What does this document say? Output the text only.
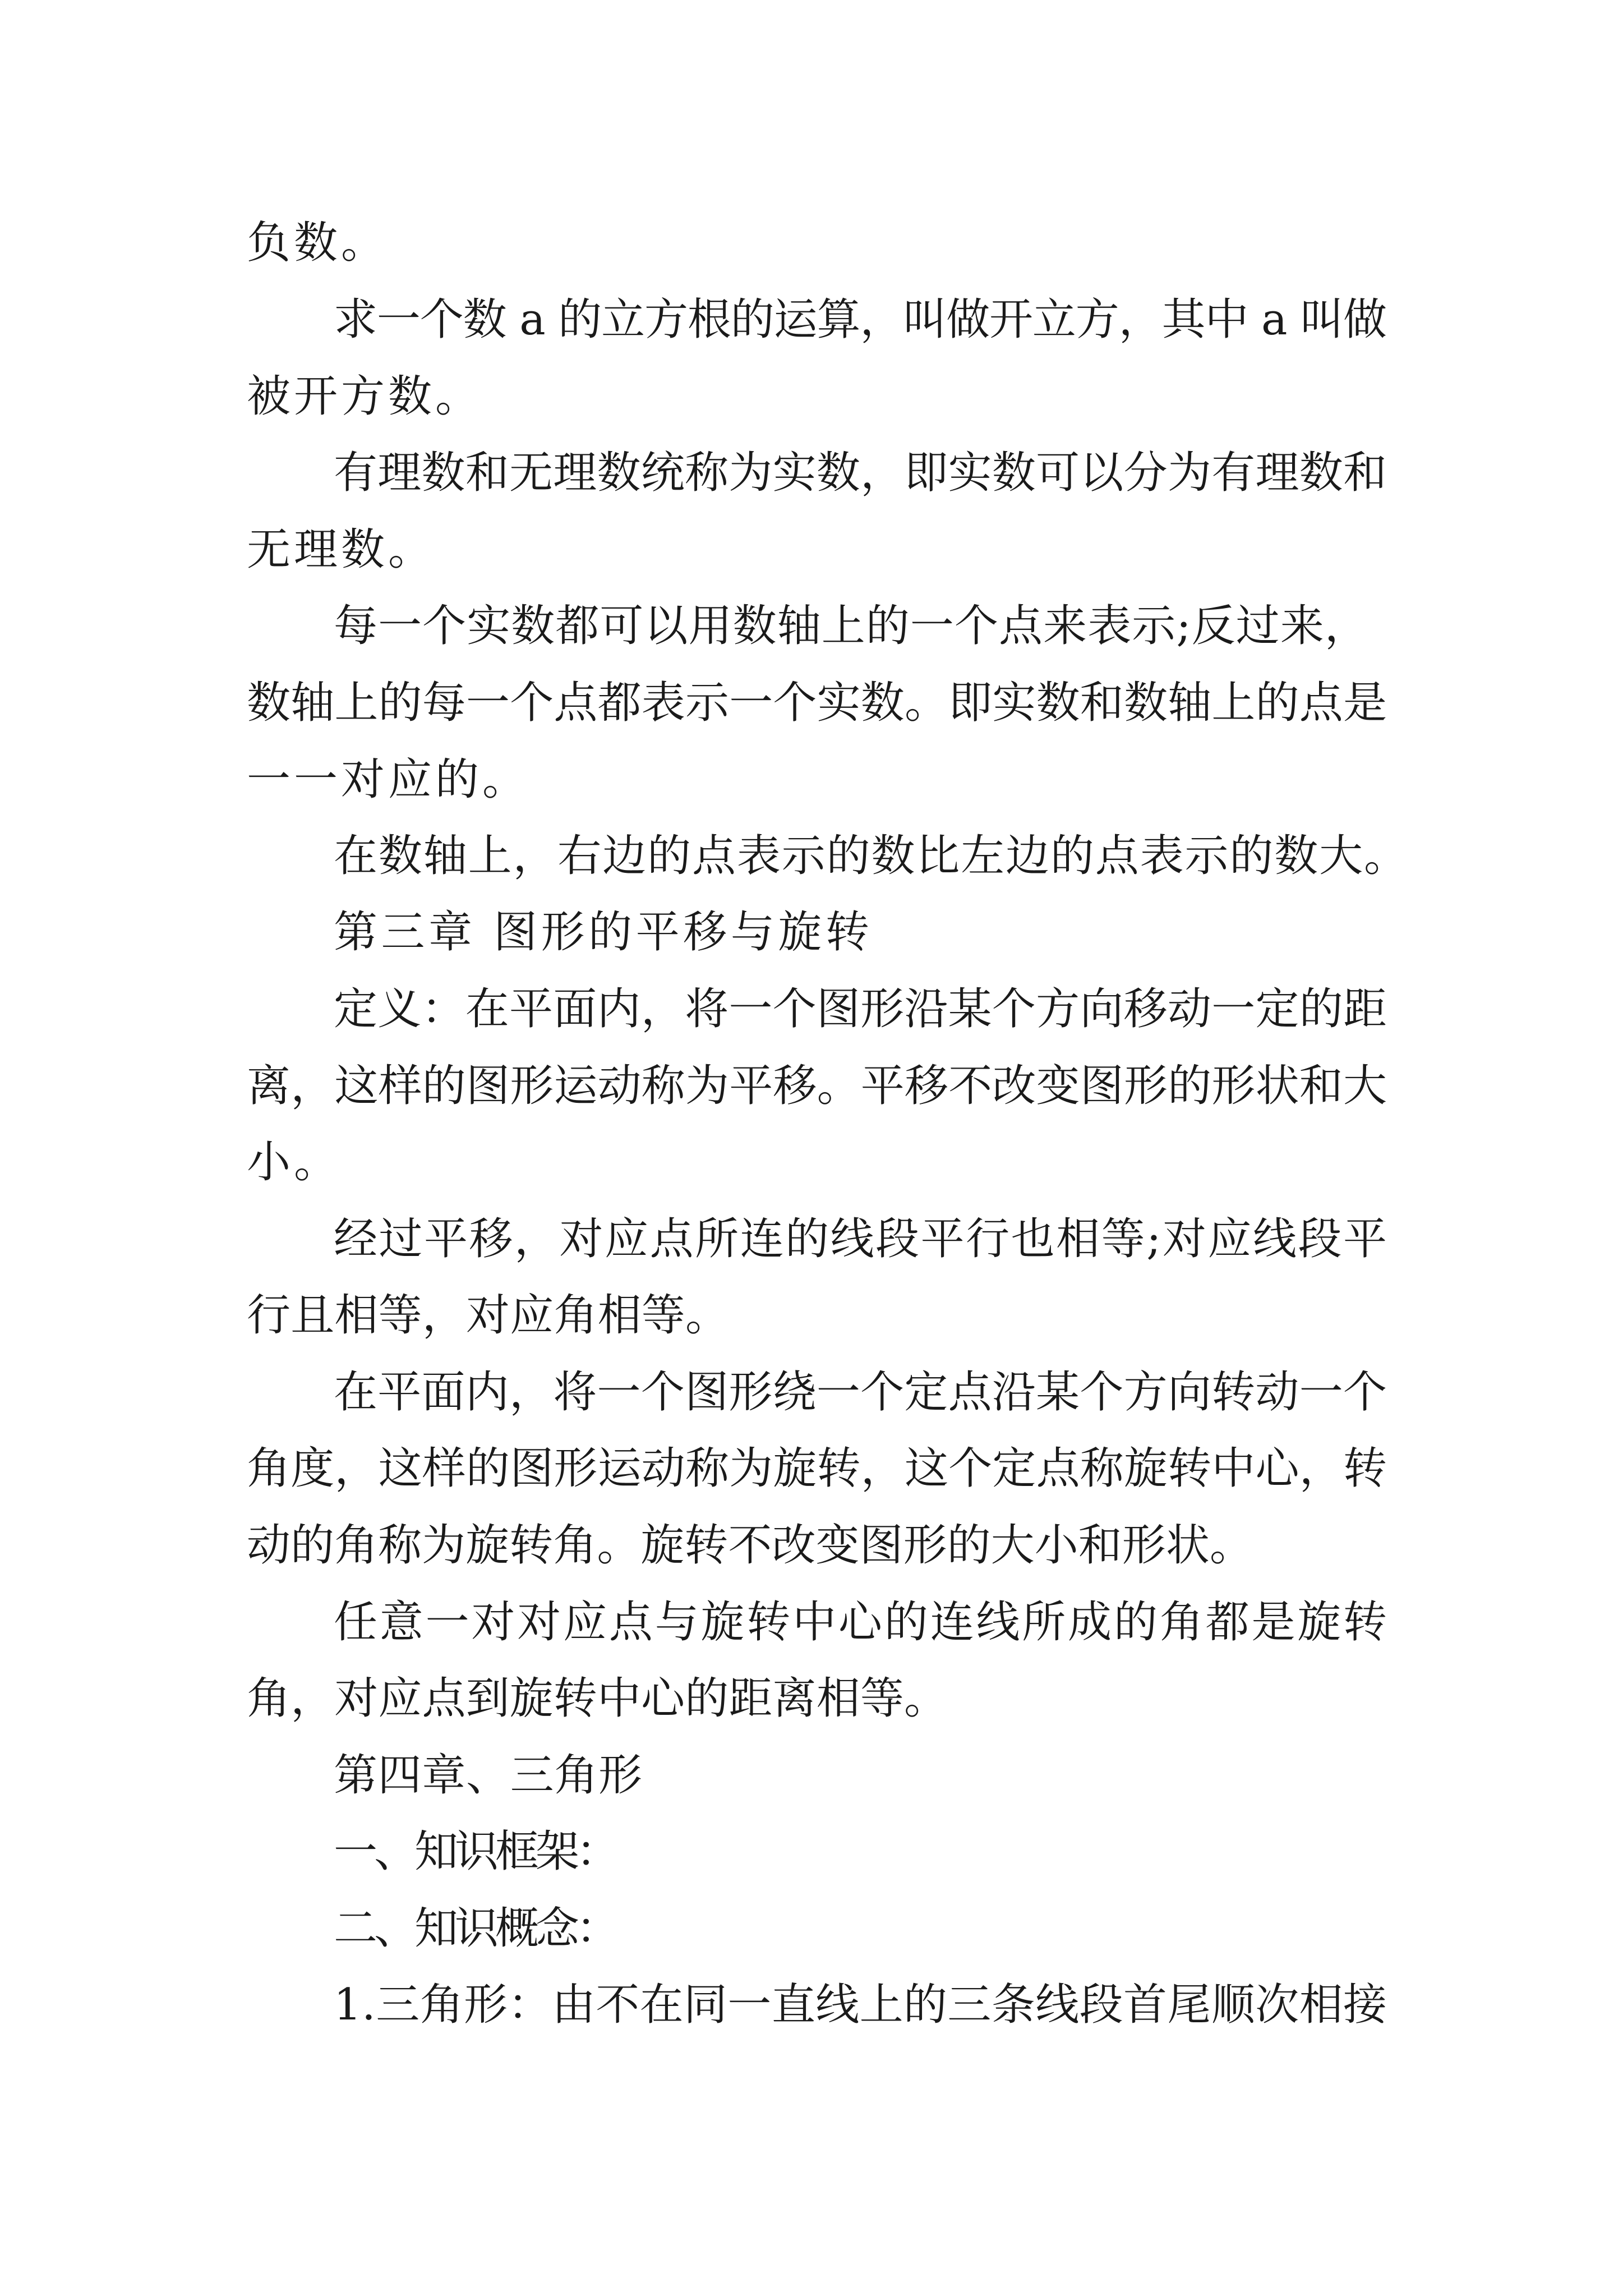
负数。
求一个数 a 的立方根的运算，叫做开立方，其中 a 叫做
被开方数。
有理数和无理数统称为实数，即实数可以分为有理数和
无理数。
每一个实数都可以用数轴上的一个点来表示;反过来，
数轴上的每一个点都表示一个实数。即实数和数轴上的点是
一一对应的。
在数轴上，右边的点表示的数比左边的点表示的数大。
第三章 图形的平移与旋转
定义：在平面内，将一个图形沿某个方向移动一定的距
离，这样的图形运动称为平移。平移不改变图形的形状和大
小。
经过平移，对应点所连的线段平行也相等;对应线段平
行且相等，对应角相等。
在平面内，将一个图形绕一个定点沿某个方向转动一个
角度，这样的图形运动称为旋转，这个定点称旋转中心，转
动的角称为旋转角。旋转不改变图形的大小和形状。
任意一对对应点与旋转中心的连线所成的角都是旋转
角，对应点到旋转中心的距离相等。
第四章、三角形
一、知识框架：
二、知识概念：
1.三角形：由不在同一直线上的三条线段首尾顺次相接
